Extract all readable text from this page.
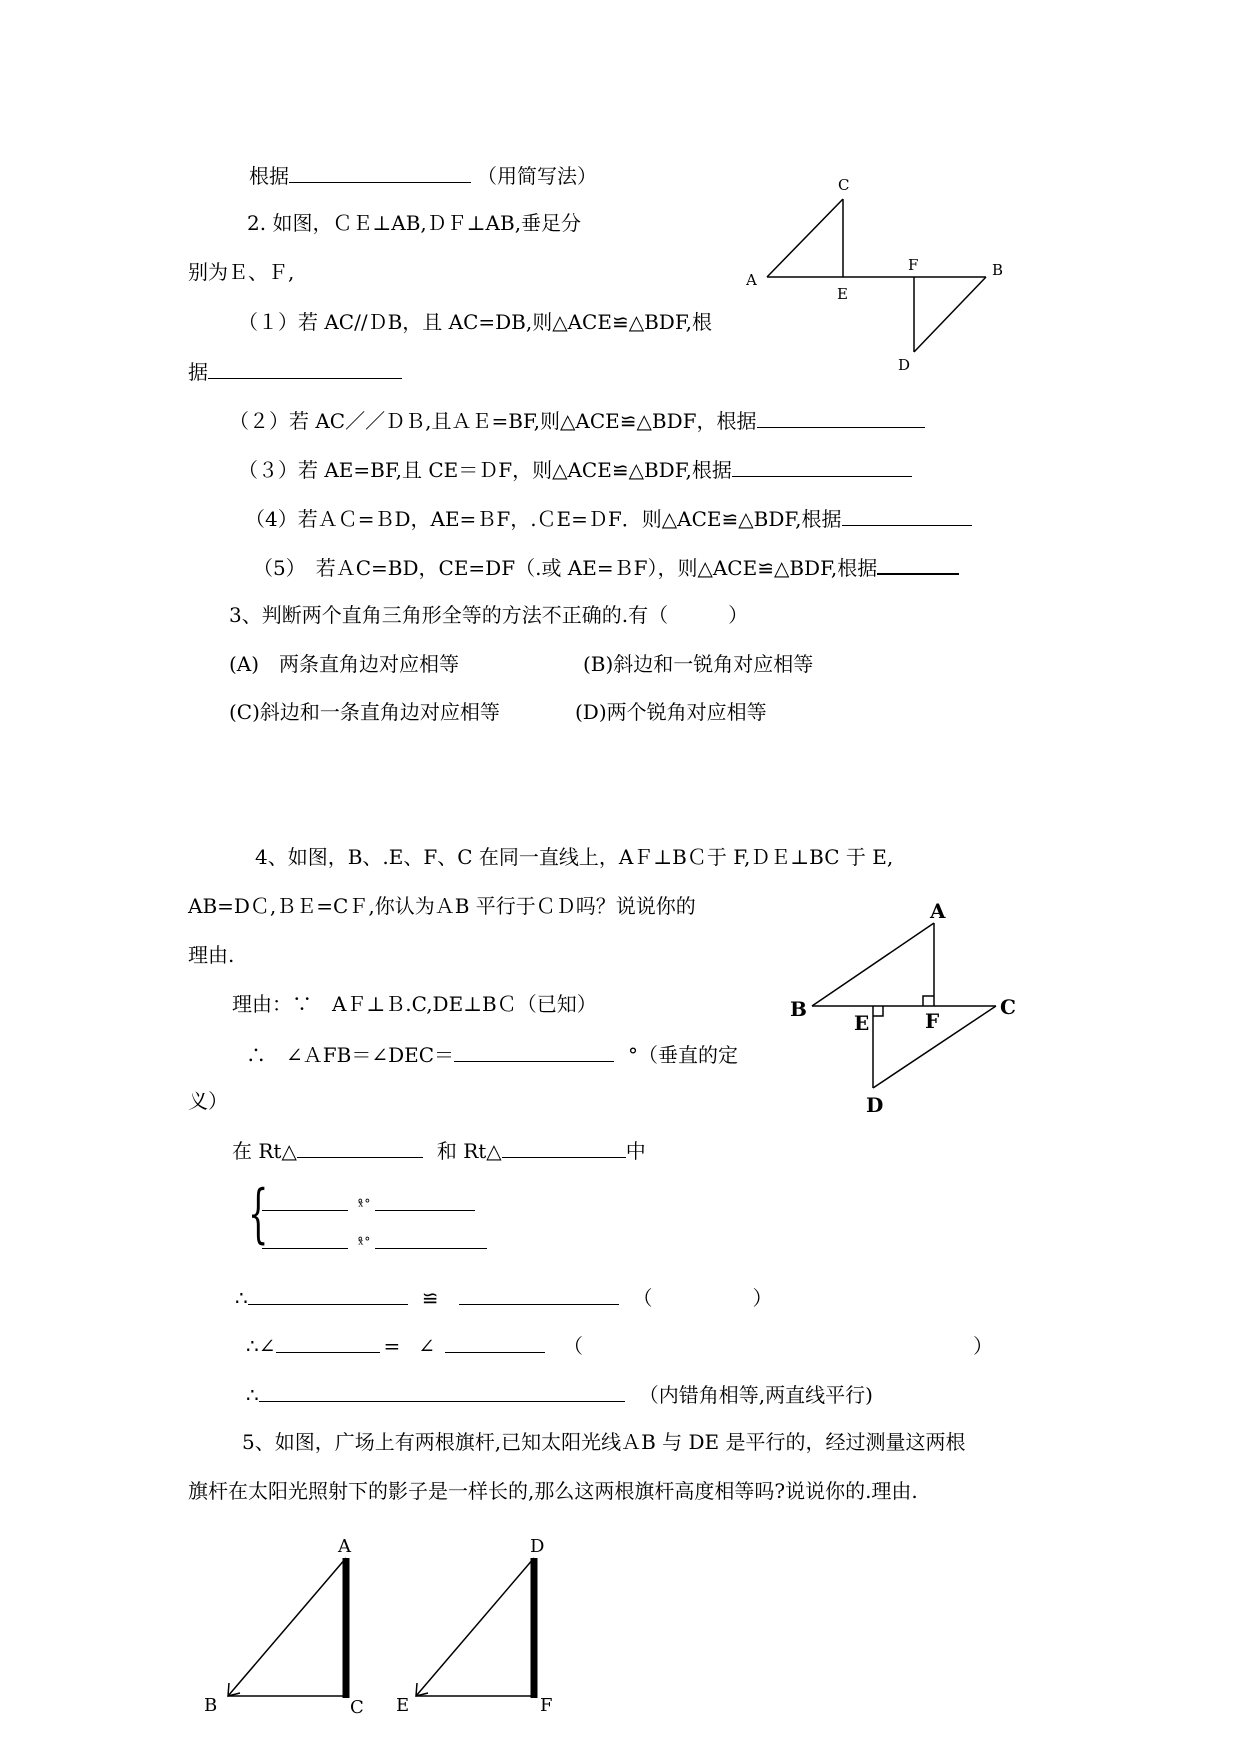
根据	（用简写法）
2. 如图，ＣＥ⊥AB,ＤＦ⊥AB,垂足分
别为Ｅ、Ｆ,
（１）若 AC//ＤB，且 AC=DB,则△ACE≌△BDF,根
据
（２）若 AC／／ＤＢ,且ＡＥ=BF,则△ACE≌△BDF，根据
（３）若 AE=BF,且 CE＝ＤF，则△ACE≌△BDF,根据
（4）若ＡＣ=ＢD，AE=ＢF，.ＣE=ＤF．则△ACE≌△BDF,根据
（5）　若ＡC=BD，CE=DF（.或 AE=ＢF），则△ACE≌△BDF,根据
A
C
E
F	B
D
3、判断两个直角三角形全等的方法不正确的.有（　　　）
(A)　两条直角边对应相等	(B)斜边和一锐角对应相等
(C)斜边和一条直角边对应相等	(D)两个锐角对应相等
4、如图，B、.E、F、C 在同一直线上，AＦ⊥BＣ于 F,ＤＥ⊥BC 于 E,
AB=DＣ,ＢＥ=CＦ,你认为ＡB 平行于ＣＤ吗？说说你的
理由.
理由：∵　AＦ⊥Ｂ.C,DE⊥BＣ（已知）
∴　∠ＡFB＝∠DEC＝	°（垂直的定
义）
在 Rt△	和 Rt△	中
{	ˣ̊˚
ˣ̊˚
∴	≌	（	）
∴∠	= ∠	（	）
∴	（内错角相等,两直线平行)
A
B
E	F
C
D
5、如图，广场上有两根旗杆,已知太阳光线ＡB 与 DE 是平行的，经过测量这两根
旗杆在太阳光照射下的影子是一样长的,那么这两根旗杆高度相等吗?说说你的.理由.
A
B	C
D
E	F
